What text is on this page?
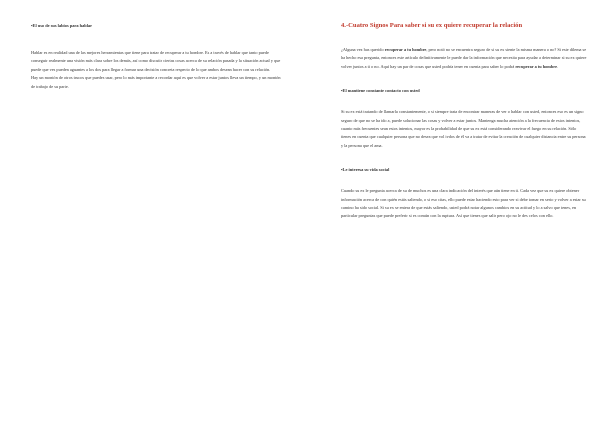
•El uso de sus labios para hablar

Hablar es en realidad una de las mejores herramientas que tiene para tratar de recuperar a tu hombre. Es a través de hablar que tanto puede conseguir realmente una visión más clara sobre los demás, así como discutir ciertas cosas acerca de su relación pasada y la situación actual y que puede que ves pueden aguantes a los dos para llegar a formar una decisión concreta respecto de lo que ambos desean hacer con su relación.

Hay un montón de otros trucos que puedes usar, pero lo más importante a recordar aquí es que volver a estar juntos lleva un tiempo, y un montón de trabajo de su parte.

4.-Cuatro Signos Para saber si su ex quiere recuperar la relación

¿Alguna vez has querido recuperar a tu hombre, pero notó no se encuentra seguro de si su ex siente la misma manera o no? Si este dilema se ha hecho esa pregunta, entonces este artículo definitivamente le puede dar la información que necesita para ayudar a determinar si su ex quiere volver juntos a ti o no. Aquí hay un par de cosas que usted podría tener en cuenta para saber lo podrá recuperar a tu hombre.

•El mantiene constante contacto con usted

Si su ex está tratando de llamarla constantemente, o si siempre trata de encontrar maneras de ver o hablar con usted, entonces eso es un signo seguro de que no se ha ido a, puede solucionar las cosas y volver a estar juntos. Mantenga mucha atención a la frecuencia de estos intentos, cuanto más frecuentes sean estos intentos, mayor es la probabilidad de que su ex está considerando reavivar el fuego en su relación. Sólo tienes en cuenta que cualquier persona que no desea que vol ivdos de él va a tratar de evitar la creación de cualquier distancia entre su persona y la persona que el ama.

•Le interesa su vida social

Cuando su ex le pregunta acerca de su de muchos es una clara indicación del interés que aún tiene en ti. Cada vez que su ex quiere obtener información acerca de con quién estás saliendo, o si eso citas, ello puede estar haciendo esto para ver si debe tomar en serio y volver a estar su camino ha sido social. Si su ex se entera de que estás saliendo, usted podrá notar algunos cambios en su actitud y lo a salvo que tenes, en particular preguntas que puede preferir si es común con la ruptura. Así que tienes que salir pero ojo no le des celos con ello.
